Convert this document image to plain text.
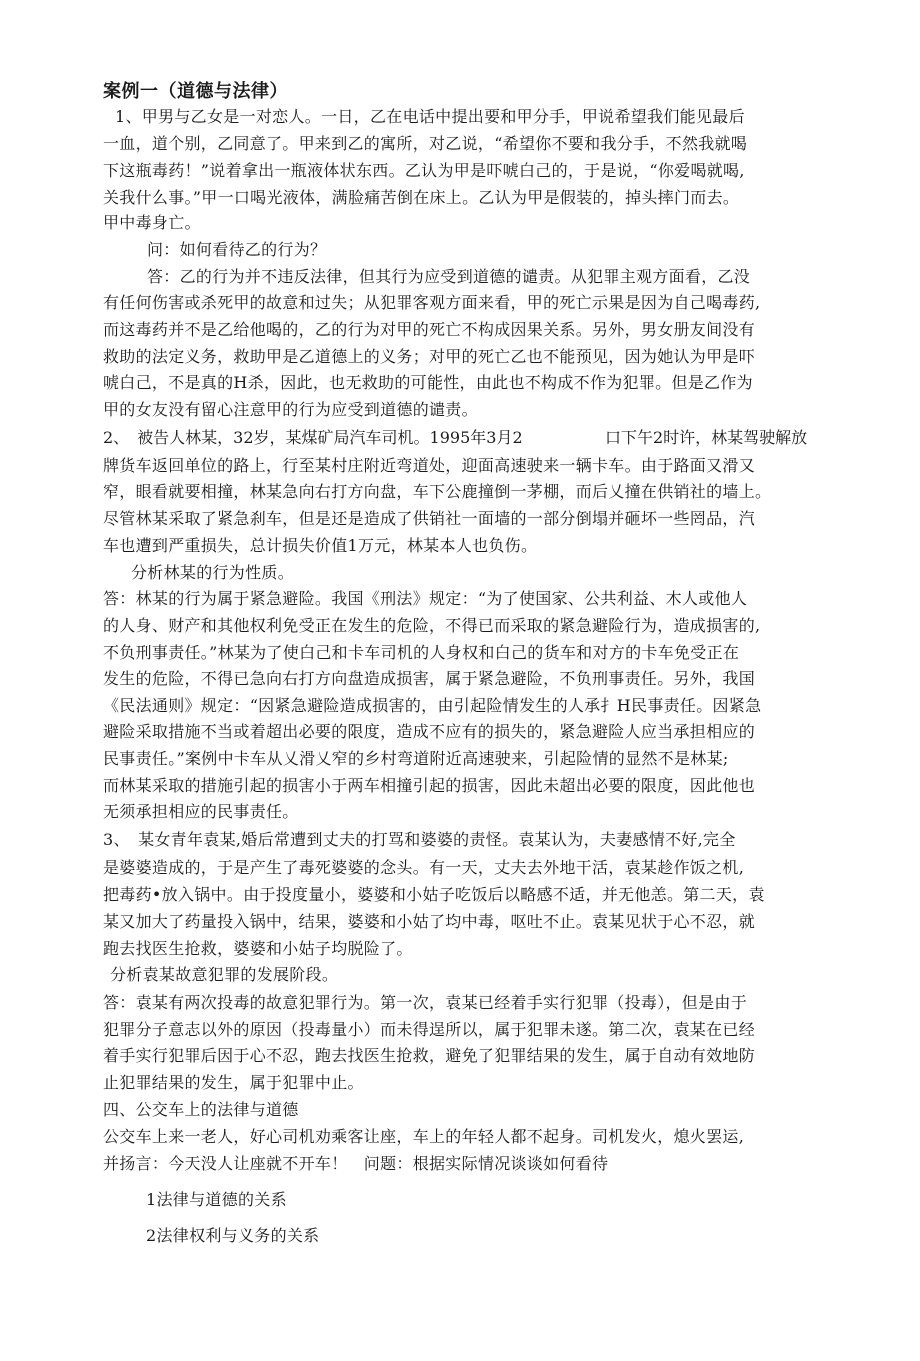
案例一（道德与法律）
1、甲男与乙女是一对恋人。一日，乙在电话中提出要和甲分手，甲说希望我们能见最后
一血，道个别，乙同意了。甲来到乙的寓所，对乙说，“希望你不要和我分手，不然我就喝
下这瓶毒药！”说着拿出一瓶液体状东西。乙认为甲是吓唬白己的，于是说，“你爱喝就喝,
关我什么事。”甲一口喝光液体，满脸痛苦倒在床上。乙认为甲是假装的，掉头摔门而去。
甲中毒身亡。
问：如何看待乙的行为？
答：乙的行为并不违反法律，但其行为应受到道德的谴责。从犯罪主观方面看，乙没
有任何伤害或杀死甲的故意和过失；从犯罪客观方面来看，甲的死亡示果是因为自己喝毒药,
而这毒药并不是乙给他喝的，乙的行为对甲的死亡不构成因果关系。另外，男女册友间没有
救助的法定义务，救助甲是乙道德上的义务；对甲的死亡乙也不能预见，因为她认为甲是吓
唬白己，不是真的H杀，因此，也无救助的可能性，由此也不构成不作为犯罪。但是乙作为
甲的女友没有留心注意甲的行为应受到道德的谴责。
2、　被告人林某，32岁，某煤矿局汽车司机。1995年3月2	口下午2时许，林某驾驶解放
牌货车返回单位的路上，行至某村庄附近弯道处，迎面高速驶来一辆卡车。由于路面又滑又
窄，眼看就要相撞，林某急向右打方向盘，车下公鹿撞倒一茅棚，而后乂撞在供销社的墙上。
尽管林某采取了紧急刹车，但是还是造成了供销社一面墙的一部分倒塌并砸坏一些罔品，汽
车也遭到严重损失，总计损失价值1万元，林某本人也负伤。
分析林某的行为性质。
答：林某的行为属于紧急避险。我国《刑法》规定：“为了使国家、公共利益、木人或他人
的人身、财产和其他权利免受正在发生的危险，不得已而采取的紧急避险行为，造成损害的,
不负刑事责任。”林某为了使白己和卡车司机的人身权和白己的货车和对方的卡车免受正在
发生的危险，不得已急向右打方向盘造成损害，属于紧急避险，不负刑事责任。另外，我国
《民法通则》规定：“因紧急避险造成损害的，由引起险情发生的人承扌H民事责任。因紧急
避险采取措施不当或着超出必要的限度，造成不应有的损失的，紧急避险人应当承担相应的
民事责任。”案例中卡车从乂滑乂窄的乡村弯道附近高速驶来，引起险情的显然不是林某;
而林某采取的措施引起的损害小于两车相撞引起的损害，因此未超出必要的限度，因此他也
无须承担相应的民事责任。
3、　某女青年袁某,婚后常遭到丈夫的打骂和婆婆的责怪。袁某认为，夫妻感情不好,完全
是婆婆造成的，于是产生了毒死婆婆的念头。有一天，丈夫去外地干活，袁某趁作饭之机,
把毒药•放入锅中。由于投度量小，婆婆和小姑子吃饭后以略感不适，并无他恙。第二天，袁
某又加大了药量投入锅中，结果，婆婆和小姑了均中毒，呕吐不止。袁某见状于心不忍，就
跑去找医生抢救，婆婆和小姑子均脱险了。
分析袁某故意犯罪的发展阶段。
答：袁某有两次投毒的故意犯罪行为。第一次，袁某已经着手实行犯罪（投毒），但是由于
犯罪分子意志以外的原因（投毒量小）而未得逞所以，属于犯罪未遂。第二次，袁某在已经
着手实行犯罪后因于心不忍，跑去找医生抢救，避免了犯罪结果的发生，属于自动有效地防
止犯罪结果的发生，属于犯罪中止。
四、公交车上的法律与道德
公交车上来一老人，好心司机劝乘客让座，车上的年轻人都不起身。司机发火，熄火罢运,
并扬言：今天没人让座就不开车！　问题：根据实际情况谈谈如何看待
1法律与道德的关系
2法律权利与义务的关系
